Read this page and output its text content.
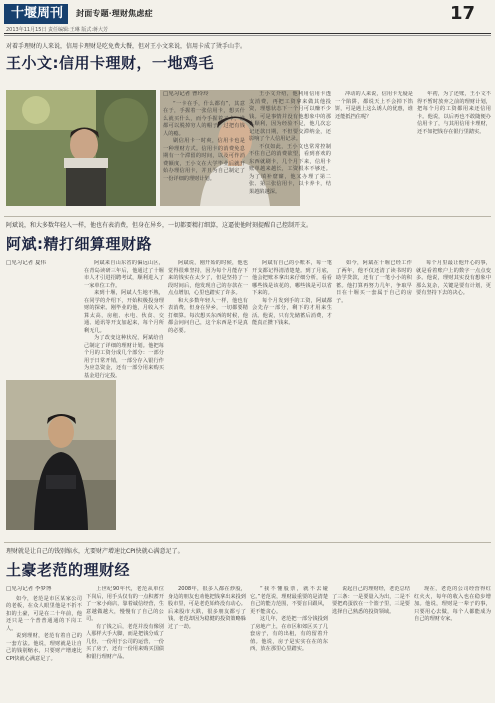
十堰周刊	封面专题·理财焦虑症	17
2013年11月15日 责任编辑:王琳 版式:蒋大芳
对着手理财的人来说，信用卡理财是吃免费大餐，但对王小文来说，信用卡成了烫手山芋。
王小文:信用卡理财，一地鸡毛
□见习记者 曹玲玲

“一卡在手，什么都有”，其意在于，手握着一张信用卡，想买什么就买什么，而今手握着了卡，谁都可以脱掉穷人的帽子，过把有钱人的瘾。

刷信用卡一时爽，信用卡也是一种理财方式。信用卡的消费免息期有一个滞留的时间，以及可作消费额度，王小文在大学毕业后就开始办理信用卡，并且为自己制定了一份详细的理财计划。

王小文介绍，他利用信用卡透支消费，再把工资拿来做其他投资，理想状态下一个月可以赚不少钱。可是事情并没有他想象中的那么顺利，因为经验不足，他几次忘记还款日期，不但要交滞纳金，还影响了个人信用记录。

不仅如此，王小文也常常控制不住自己的消费欲望，看到喜欢的东西就刷卡，几个月下来，信用卡账单越来越长，工资根本不够还。为了填补窟窿，他又办理了第二张、第三张信用卡，以卡养卡，结果越陷越深。

冲动的人来说，信用卡无疑是一个陷阱，都说天上不会掉下馅饼，可是遇上这么诱人的优惠，谁还能抵挡住呢？

年初，为了还账，王小文不得不暂时放弃之前的理财计划，把每个月的工资都用来还信用卡。他说，以后再也不敢随便办信用卡了，与其用信用卡理财，还不如把钱存在银行里踏实。

阿斌说，和大多数年轻人一样，他也有表消费，但身在异乡，一切都要精打细算，这逼使他时刻提醒自己控制开支。
阿斌:精打细算理财路
□见习记者 夏伟	阿斌来自山东省的偏远山区，在青岛读研三年后，他通过了十堰市人才引进招聘考试，顺利进入了一家单位工作。

来到十堰，阿斌人生地不熟，在同学的介绍下，开始积极投身理财的探索。刚毕业的他，月收入不算太高，房租、水电、伙食、交通、通讯等开支加起来，每个月所剩无几。

为了改变这种状况，阿斌给自己制定了详细的理财计划。他把每个月的工资分成几个部分：一部分用于日常开销，一部分存入银行作为应急资金，还有一部分用来购买基金进行定投。

阿斌说，刚开始的时候，他也觉得很难坚持，因为每个月能存下来的钱实在太少了，但是坚持了一段时间后，他发现自己的存款在一点点增加，心里也踏实了许多。

和大多数年轻人一样，他也有表消费，但身在异乡，一切都要精打细算。每次想买东西的时候，他都会问问自己，这个东西是不是真的必要。

阿斌有自己的小账本，每一笔开支都记得清清楚楚。到了月底，他会把账本拿出来仔细分析，看看哪些钱是该花的，哪些钱是可以省下来的。

每个月发到手的工资，阿斌都会先存一部分，剩下的才用来生活。他说，只有先储蓄后消费，才能真正攒下钱来。

如今，阿斌在十堰已经工作了两年，他不仅还清了读书时的助学贷款，还有了一笔小小的积蓄。他打算再努力几年，争取早日在十堰买一套属于自己的房子。

每个月里最让他开心的事，就是看着账户上的数字一点点变多。他说，理财其实没有想象中那么复杂，关键是要有计划，更要有坚持下去的决心。

理财就是让自己的钱别缩水，尤要财产增速比CPI快就心满意足了。
土豪老范的理财经
□见习记者 李梦博

如今，老范是市区某家公司的老板，在众人眼里他是不折不扣的土豪，可是在二十年前，他还只是一个普普通通的下岗工人。

说到理财，老范有着自己的一套方法。他说，理财就是让自己的钱别缩水，只要财产增速比CPI快就心满意足了。

上世纪90年代，老范从单位下岗后，用手头仅有的一点积蓄开了一家小商店，靠着诚信经营，生意越做越大，慢慢有了自己的公司。

有了钱之后，老范并没有像别人那样大手大脚，而是把钱分成了几份，一份用于公司的运营，一份买了房子，还有一份用来购买国债和银行理财产品。

2008年，很多人都在炒股，身边的朋友也劝他把钱拿出来投到股市里，可是老范始终没有动心。后来股市大跌，很多朋友都亏了钱，老范却因为稳健的投资策略躲过了一劫。

“我不懂股票，就不去碰它。”老范说，理财最重要的是清楚自己的能力范围，不要盲目跟风，更不能贪心。

这几年，老范把一部分钱投到了房地产上，在市区和郊区买了几套房子，有的出租，有的留着升值。他说，房子是实实在在的东西，放在那里心里踏实。

说起自己的理财经，老范总结了三条：一是要量入为出，二是不要把鸡蛋放在一个篮子里，三是要选择自己熟悉的投资领域。

现在，老范的公司经营得红红火火，每年的收入也在稳步增加。他说，理财是一辈子的事，只要用心去做，每个人都能成为自己的理财专家。
